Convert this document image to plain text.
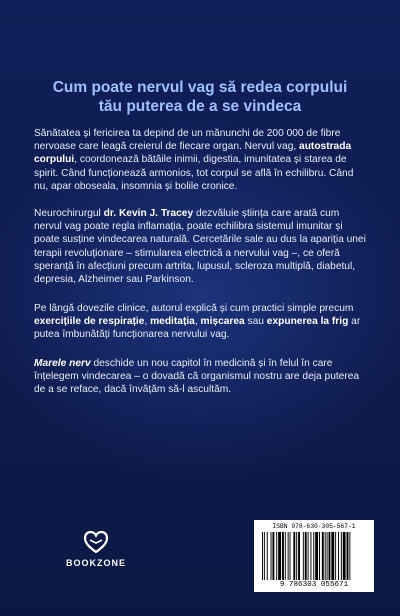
Cum poate nervul vag să redea corpului tău puterea de a se vindeca

Sănătatea și fericirea ta depind de un mănunchi de 200 000 de fibre nervoase care leagă creierul de fiecare organ. Nervul vag, autostrada corpului, coordonează bătăile inimii, digestia, imunitatea și starea de spirit. Când funcționează armonios, tot corpul se află în echilibru. Când nu, apar oboseala, insomnia și bolile cronice.

Neurochirurgul dr. Kevin J. Tracey dezvăluie știința care arată cum nervul vag poate regla inflamația, poate echilibra sistemul imunitar și poate susține vindecarea naturală. Cercetările sale au dus la apariția unei terapii revoluționare – stimularea electrică a nervului vag –, ce oferă speranță în afecțiuni precum artrita, lupusul, scleroza multiplă, diabetul, depresia, Alzheimer sau Parkinson.

Pe lângă dovezile clinice, autorul explică și cum practici simple precum exercițiile de respirație, meditația, mișcarea sau expunerea la frig ar putea îmbunătăți funcționarea nervului vag.

Marele nerv deschide un nou capitol în medicină și în felul în care înțelegem vindecarea – o dovadă că organismul nostru are deja puterea de a se reface, dacă învățăm să-l ascultăm.

BOOKZONE
ISBN 978-630-305-567-1
9 786303 055671
